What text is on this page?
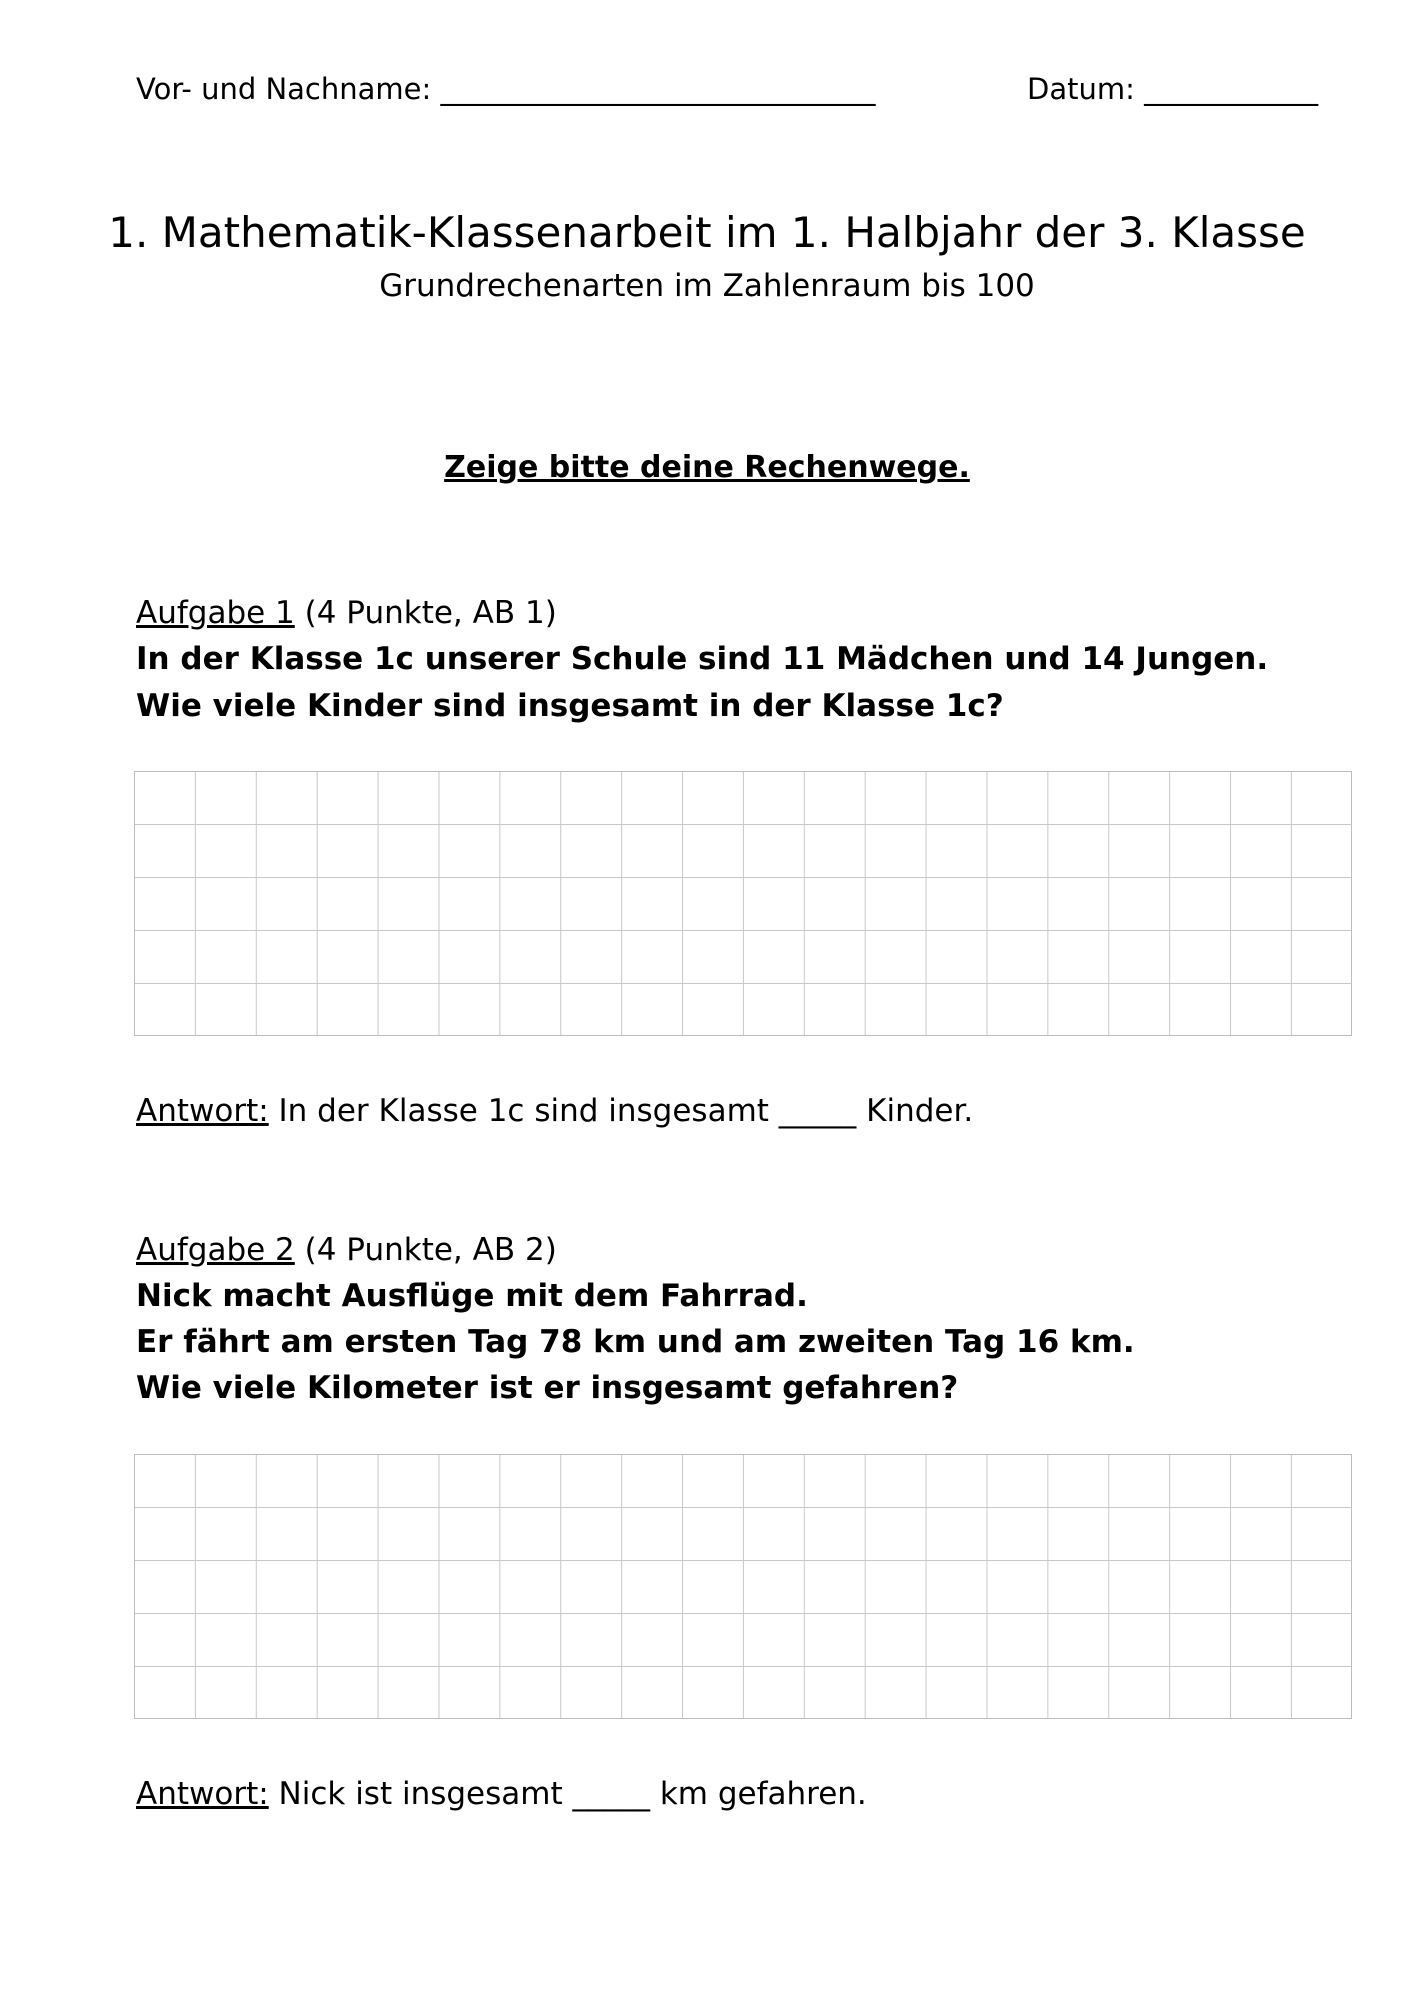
Vor- und Nachname: ______________________________	Datum: ____________
1. Mathematik-Klassenarbeit im 1. Halbjahr der 3. Klasse
Grundrechenarten im Zahlenraum bis 100
Zeige bitte deine Rechenwege.
Aufgabe 1 (4 Punkte, AB 1)
In der Klasse 1c unserer Schule sind 11 Mädchen und 14 Jungen.
Wie viele Kinder sind insgesamt in der Klasse 1c?
Antwort: In der Klasse 1c sind insgesamt _____ Kinder.
Aufgabe 2 (4 Punkte, AB 2)
Nick macht Ausflüge mit dem Fahrrad.
Er fährt am ersten Tag 78 km und am zweiten Tag 16 km.
Wie viele Kilometer ist er insgesamt gefahren?
Antwort: Nick ist insgesamt _____ km gefahren.
